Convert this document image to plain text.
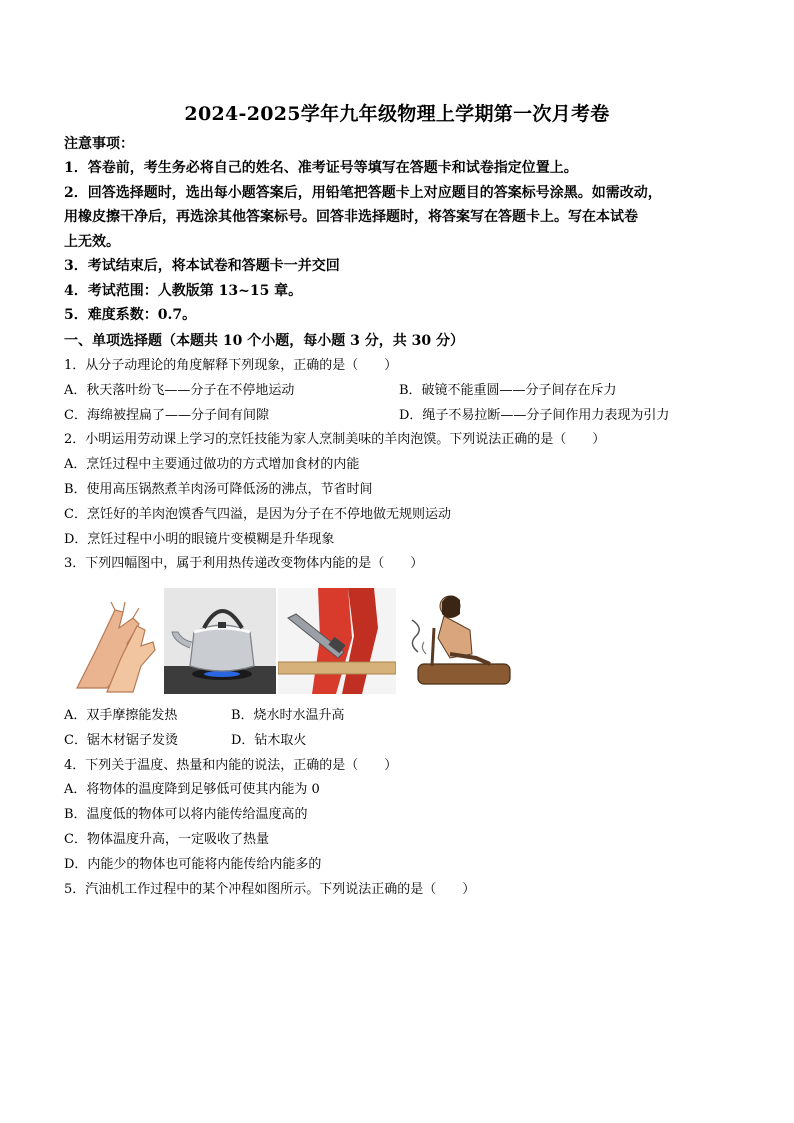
2024-2025学年九年级物理上学期第一次月考卷
注意事项：

1．答卷前，考生务必将自己的姓名、准考证号等填写在答题卡和试卷指定位置上。

2．回答选择题时，选出每小题答案后，用铅笔把答题卡上对应题目的答案标号涂黑。如需改动，

用橡皮擦干净后，再选涂其他答案标号。回答非选择题时，将答案写在答题卡上。写在本试卷

上无效。

3．考试结束后，将本试卷和答题卡一并交回

4．考试范围：人教版第 13~15 章。

5．难度系数：0.7。

一、单项选择题（本题共 10 个小题，每小题 3 分，共 30 分）

1．从分子动理论的角度解释下列现象，正确的是（　　）

A．秋天落叶纷飞——分子在不停地运动	B．破镜不能重圆——分子间存在斥力
C．海绵被捏扁了——分子间有间隙	D．绳子不易拉断——分子间作用力表现为引力

2．小明运用劳动课上学习的烹饪技能为家人烹制美味的羊肉泡馍。下列说法正确的是（　　）

A．烹饪过程中主要通过做功的方式增加食材的内能

B．使用高压锅熬煮羊肉汤可降低汤的沸点，节省时间

C．烹饪好的羊肉泡馍香气四溢，是因为分子在不停地做无规则运动

D．烹饪过程中小明的眼镜片变模糊是升华现象

3．下列四幅图中，属于利用热传递改变物体内能的是（　　）

A．双手摩擦能发热	B．烧水时水温升高
C．锯木材锯子发烫	D．钻木取火

4．下列关于温度、热量和内能的说法，正确的是（　　）

A．将物体的温度降到足够低可使其内能为 0

B．温度低的物体可以将内能传给温度高的

C．物体温度升高，一定吸收了热量

D．内能少的物体也可能将内能传给内能多的

5．汽油机工作过程中的某个冲程如图所示。下列说法正确的是（　　）
